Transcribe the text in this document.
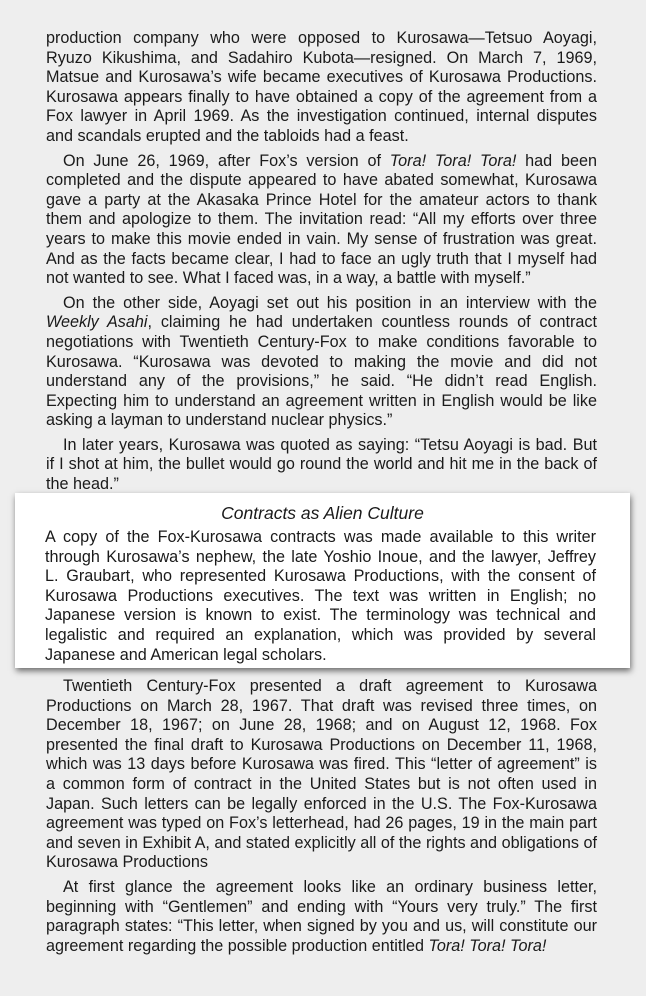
production company who were opposed to Kurosawa—Tetsuo Aoyagi, Ryuzo Kikushima, and Sadahiro Kubota—resigned. On March 7, 1969, Matsue and Kurosawa’s wife became executives of Kurosawa Productions. Kurosawa appears finally to have obtained a copy of the agreement from a Fox lawyer in April 1969. As the investigation continued, internal disputes and scandals erupted and the tabloids had a feast.

On June 26, 1969, after Fox’s version of Tora! Tora! Tora! had been completed and the dispute appeared to have abated somewhat, Kurosawa gave a party at the Akasaka Prince Hotel for the amateur actors to thank them and apologize to them. The invitation read: “All my efforts over three years to make this movie ended in vain. My sense of frustration was great. And as the facts became clear, I had to face an ugly truth that I myself had not wanted to see. What I faced was, in a way, a battle with myself.”

On the other side, Aoyagi set out his position in an interview with the Weekly Asahi, claiming he had undertaken countless rounds of contract negotiations with Twentieth Century-Fox to make conditions favorable to Kurosawa. “Kurosawa was devoted to making the movie and did not understand any of the provisions,” he said. “He didn’t read English. Expecting him to understand an agreement written in English would be like asking a layman to understand nuclear physics.”

In later years, Kurosawa was quoted as saying: “Tetsu Aoyagi is bad. But if I shot at him, the bullet would go round the world and hit me in the back of the head.”

Contracts as Alien Culture

A copy of the Fox-Kurosawa contracts was made available to this writer through Kurosawa’s nephew, the late Yoshio Inoue, and the lawyer, Jeffrey L. Graubart, who represented Kurosawa Productions, with the consent of Kurosawa Productions executives. The text was written in English; no Japanese version is known to exist. The terminology was technical and legalistic and required an explanation, which was provided by several Japanese and American legal scholars.

Twentieth Century-Fox presented a draft agreement to Kurosawa Productions on March 28, 1967. That draft was revised three times, on December 18, 1967; on June 28, 1968; and on August 12, 1968. Fox presented the final draft to Kurosawa Productions on December 11, 1968, which was 13 days before Kurosawa was fired. This “letter of agreement” is a common form of contract in the United States but is not often used in Japan. Such letters can be legally enforced in the U.S. The Fox-Kurosawa agreement was typed on Fox’s letterhead, had 26 pages, 19 in the main part and seven in Exhibit A, and stated explicitly all of the rights and obligations of Kurosawa Productions

At first glance the agreement looks like an ordinary business letter, beginning with “Gentlemen” and ending with “Yours very truly.” The first paragraph states: “This letter, when signed by you and us, will constitute our agreement regarding the possible production entitled Tora! Tora! Tora!
